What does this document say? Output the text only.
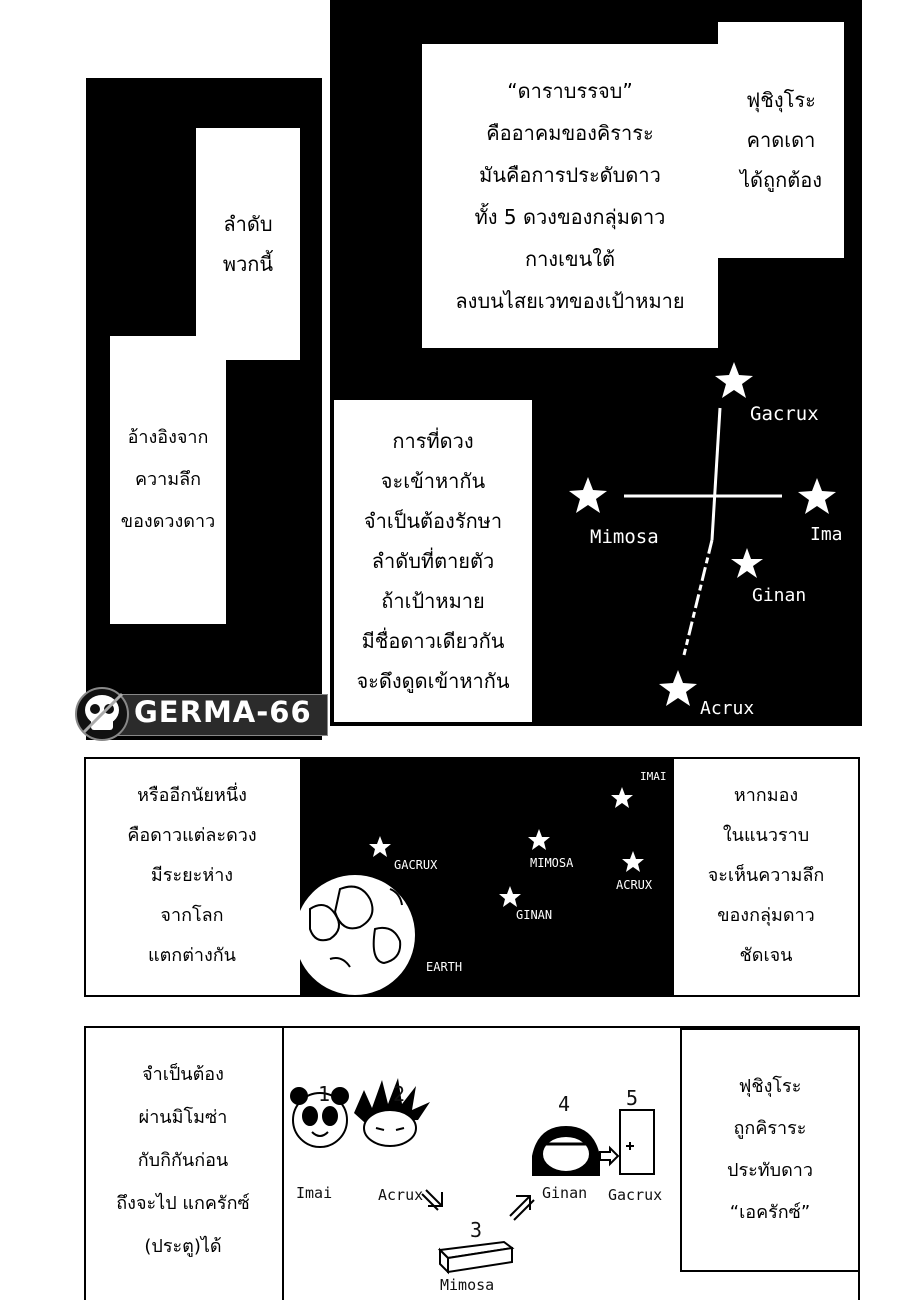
ลำดับ
พวกนี้
อ้างอิงจาก
ความลึก
ของดวงดาว
“ดาราบรรจบ”
คืออาคมของคิราระ
มันคือการประดับดาว
ทั้ง 5 ดวงของกลุ่มดาว
กางเขนใต้
ลงบนไสยเวทของเป้าหมาย
ฟุชิงุโระ
คาดเดา
ได้ถูกต้อง
การที่ดวง
จะเข้าหากัน
จำเป็นต้องรักษา
ลำดับที่ตายตัว
ถ้าเป้าหมาย
มีชื่อดาวเดียวกัน
จะดึงดูดเข้าหากัน
Gacrux
Mimosa	Ima
Ginan
Acrux
GERMA-66
หรืออีกนัยหนึ่ง
คือดาวแต่ละดวง
มีระยะห่าง
จากโลก
แตกต่างกัน
หากมอง
ในแนวราบ
จะเห็นความลึก
ของกลุ่มดาว
ชัดเจน
IMAI
GACRUX	MIMOSA
ACRUX
GINAN
EARTH
จำเป็นต้อง
ผ่านมิโมซ่า
กับกิกันก่อน
ถึงจะไป แกครักซ์
(ประตู)ได้
ฟุชิงุโระ
ถูกคิราระ
ประทับดาว
“เอครักซ์”
1	2
3
4	5
Imai	Acrux
Mimosa
Ginan Gacrux
